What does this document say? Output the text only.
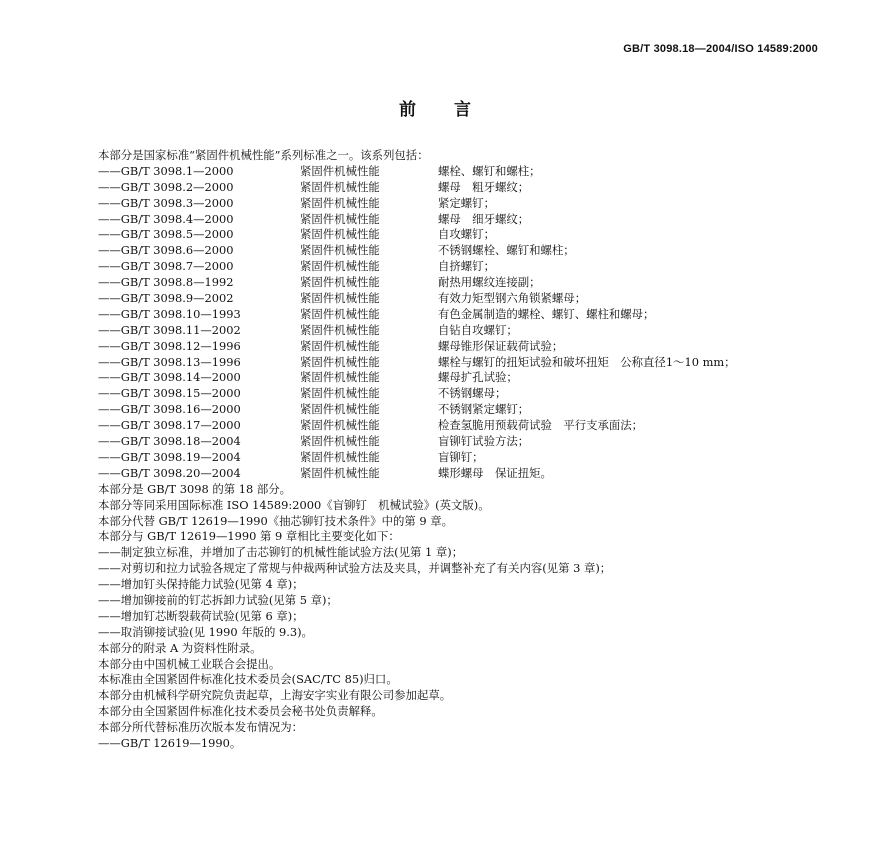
GB/T 3098.18—2004/ISO 14589:2000
前言
本部分是国家标准“紧固件机械性能”系列标准之一。该系列包括：
——GB/T 3098.1—2000	紧固件机械性能	螺栓、螺钉和螺柱；
——GB/T 3098.2—2000	紧固件机械性能	螺母　粗牙螺纹；
——GB/T 3098.3—2000	紧固件机械性能	紧定螺钉；
——GB/T 3098.4—2000	紧固件机械性能	螺母　细牙螺纹；
——GB/T 3098.5—2000	紧固件机械性能	自攻螺钉；
——GB/T 3098.6—2000	紧固件机械性能	不锈钢螺栓、螺钉和螺柱；
——GB/T 3098.7—2000	紧固件机械性能	自挤螺钉；
——GB/T 3098.8—1992	紧固件机械性能	耐热用螺纹连接副；
——GB/T 3098.9—2002	紧固件机械性能	有效力矩型钢六角锁紧螺母；
——GB/T 3098.10—1993	紧固件机械性能	有色金属制造的螺栓、螺钉、螺柱和螺母；
——GB/T 3098.11—2002	紧固件机械性能	自钻自攻螺钉；
——GB/T 3098.12—1996	紧固件机械性能	螺母锥形保证载荷试验；
——GB/T 3098.13—1996	紧固件机械性能	螺栓与螺钉的扭矩试验和破坏扭矩　公称直径1～10 mm；
——GB/T 3098.14—2000	紧固件机械性能	螺母扩孔试验；
——GB/T 3098.15—2000	紧固件机械性能	不锈钢螺母；
——GB/T 3098.16—2000	紧固件机械性能	不锈钢紧定螺钉；
——GB/T 3098.17—2000	紧固件机械性能	检查氢脆用预载荷试验　平行支承面法；
——GB/T 3098.18—2004	紧固件机械性能	盲铆钉试验方法；
——GB/T 3098.19—2004	紧固件机械性能	盲铆钉；
——GB/T 3098.20—2004	紧固件机械性能	蝶形螺母　保证扭矩。
本部分是 GB/T 3098 的第 18 部分。
本部分等同采用国际标准 ISO 14589:2000《盲铆钉　机械试验》(英文版)。
本部分代替 GB/T 12619—1990《抽芯铆钉技术条件》中的第 9 章。
本部分与 GB/T 12619—1990 第 9 章相比主要变化如下：
——制定独立标准，并增加了击芯铆钉的机械性能试验方法(见第 1 章)；
——对剪切和拉力试验各规定了常规与仲裁两种试验方法及夹具，并调整补充了有关内容(见第 3 章)；
——增加钉头保持能力试验(见第 4 章)；
——增加铆接前的钉芯拆卸力试验(见第 5 章)；
——增加钉芯断裂载荷试验(见第 6 章)；
——取消铆接试验(见 1990 年版的 9.3)。
本部分的附录 A 为资料性附录。
本部分由中国机械工业联合会提出。
本标准由全国紧固件标准化技术委员会(SAC/TC 85)归口。
本部分由机械科学研究院负责起草，上海安字实业有限公司参加起草。
本部分由全国紧固件标准化技术委员会秘书处负责解释。
本部分所代替标准历次版本发布情况为：
——GB/T 12619—1990。
